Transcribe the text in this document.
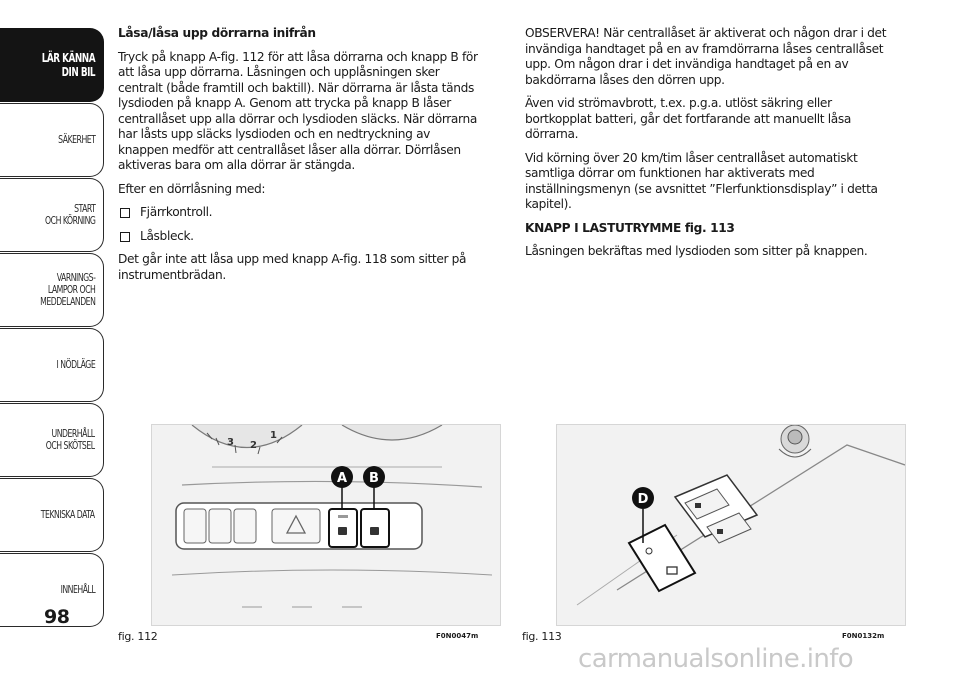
LÄR KÄNNA
DIN BIL
SÄKERHET
START
OCH KÖRNING
VARNINGS-
LAMPOR OCH
MEDDELANDEN
I NÖDLÄGE
UNDERHÅLL
OCH SKÖTSEL
TEKNISKA DATA
INNEHÅLL
98

Låsa/låsa upp dörrarna inifrån

Tryck på knapp A-fig. 112 för att låsa dörrarna och knapp B för att låsa upp dörrarna. Låsningen och upplåsningen sker centralt (både framtill och baktill). När dörrarna är låsta tänds lysdioden på knapp A. Genom att trycka på knapp B låser centrallåset upp alla dörrar och lysdioden släcks. När dörrarna har låsts upp släcks lysdioden och en nedtryckning av knappen medför att centrallåset låser alla dörrar. Dörrlåsen aktiveras bara om alla dörrar är stängda.

Efter en dörrlåsning med:

Fjärrkontroll.
Låsbleck.

Det går inte att låsa upp med knapp A-fig. 118 som sitter på instrumentbrädan.

OBSERVERA! När centrallåset är aktiverat och någon drar i det invändiga handtaget på en av framdörrarna låses centrallåset upp. Om någon drar i det invändiga handtaget på en av bakdörrarna låses den dörren upp.

Även vid strömavbrott, t.ex. p.g.a. utlöst säkring eller bortkopplat batteri, går det fortfarande att manuellt låsa dörrarna.

Vid körning över 20 km/tim låser centrallåset automatiskt samtliga dörrar om funktionen har aktiverats med inställningsmenyn (se avsnittet ”Flerfunktionsdisplay” i detta kapitel).

KNAPP I LASTUTRYMME fig. 113

Låsningen bekräftas med lysdioden som sitter på knappen.

3 2
1
A B
fig. 112	F0N0047m
D
fig. 113	F0N0132m
carmanualsonline.info
